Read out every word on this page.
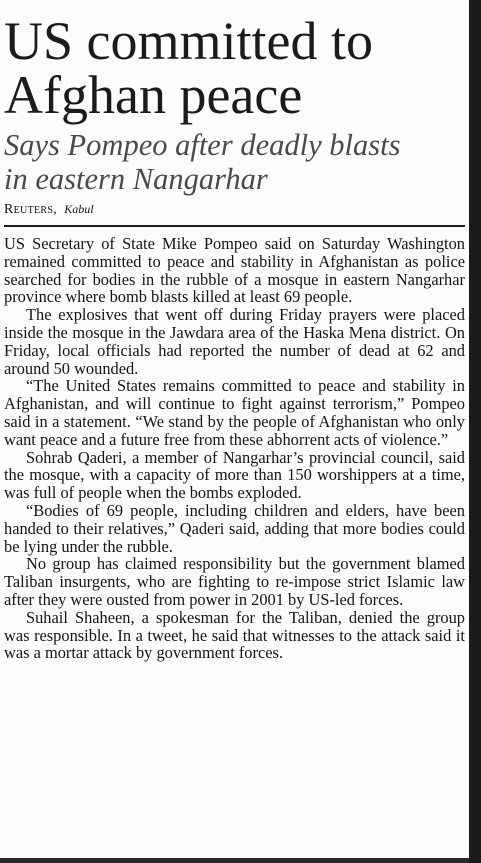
US committed to
Afghan peace
Says Pompeo after deadly blasts
in eastern Nangarhar
Reuters, Kabul

US Secretary of State Mike Pompeo said on Saturday Washington remained committed to peace and stability in Afghanistan as police searched for bodies in the rubble of a mosque in eastern Nangarhar province where bomb blasts killed at least 69 people.

The explosives that went off during Friday prayers were placed inside the mosque in the Jawdara area of the Haska Mena district. On Friday, local officials had reported the number of dead at 62 and around 50 wounded.

“The United States remains committed to peace and stability in Afghanistan, and will continue to fight against terrorism,” Pompeo said in a statement. “We stand by the people of Afghanistan who only want peace and a future free from these abhorrent acts of violence.”

Sohrab Qaderi, a member of Nangarhar’s provincial council, said the mosque, with a capacity of more than 150 worshippers at a time, was full of people when the bombs exploded.

“Bodies of 69 people, including children and elders, have been handed to their relatives,” Qaderi said, adding that more bodies could be lying under the rubble.

No group has claimed responsibility but the government blamed Taliban insurgents, who are fighting to re-impose strict Islamic law after they were ousted from power in 2001 by US-led forces.

Suhail Shaheen, a spokesman for the Taliban, denied the group was responsible. In a tweet, he said that witnesses to the attack said it was a mortar attack by government forces.
